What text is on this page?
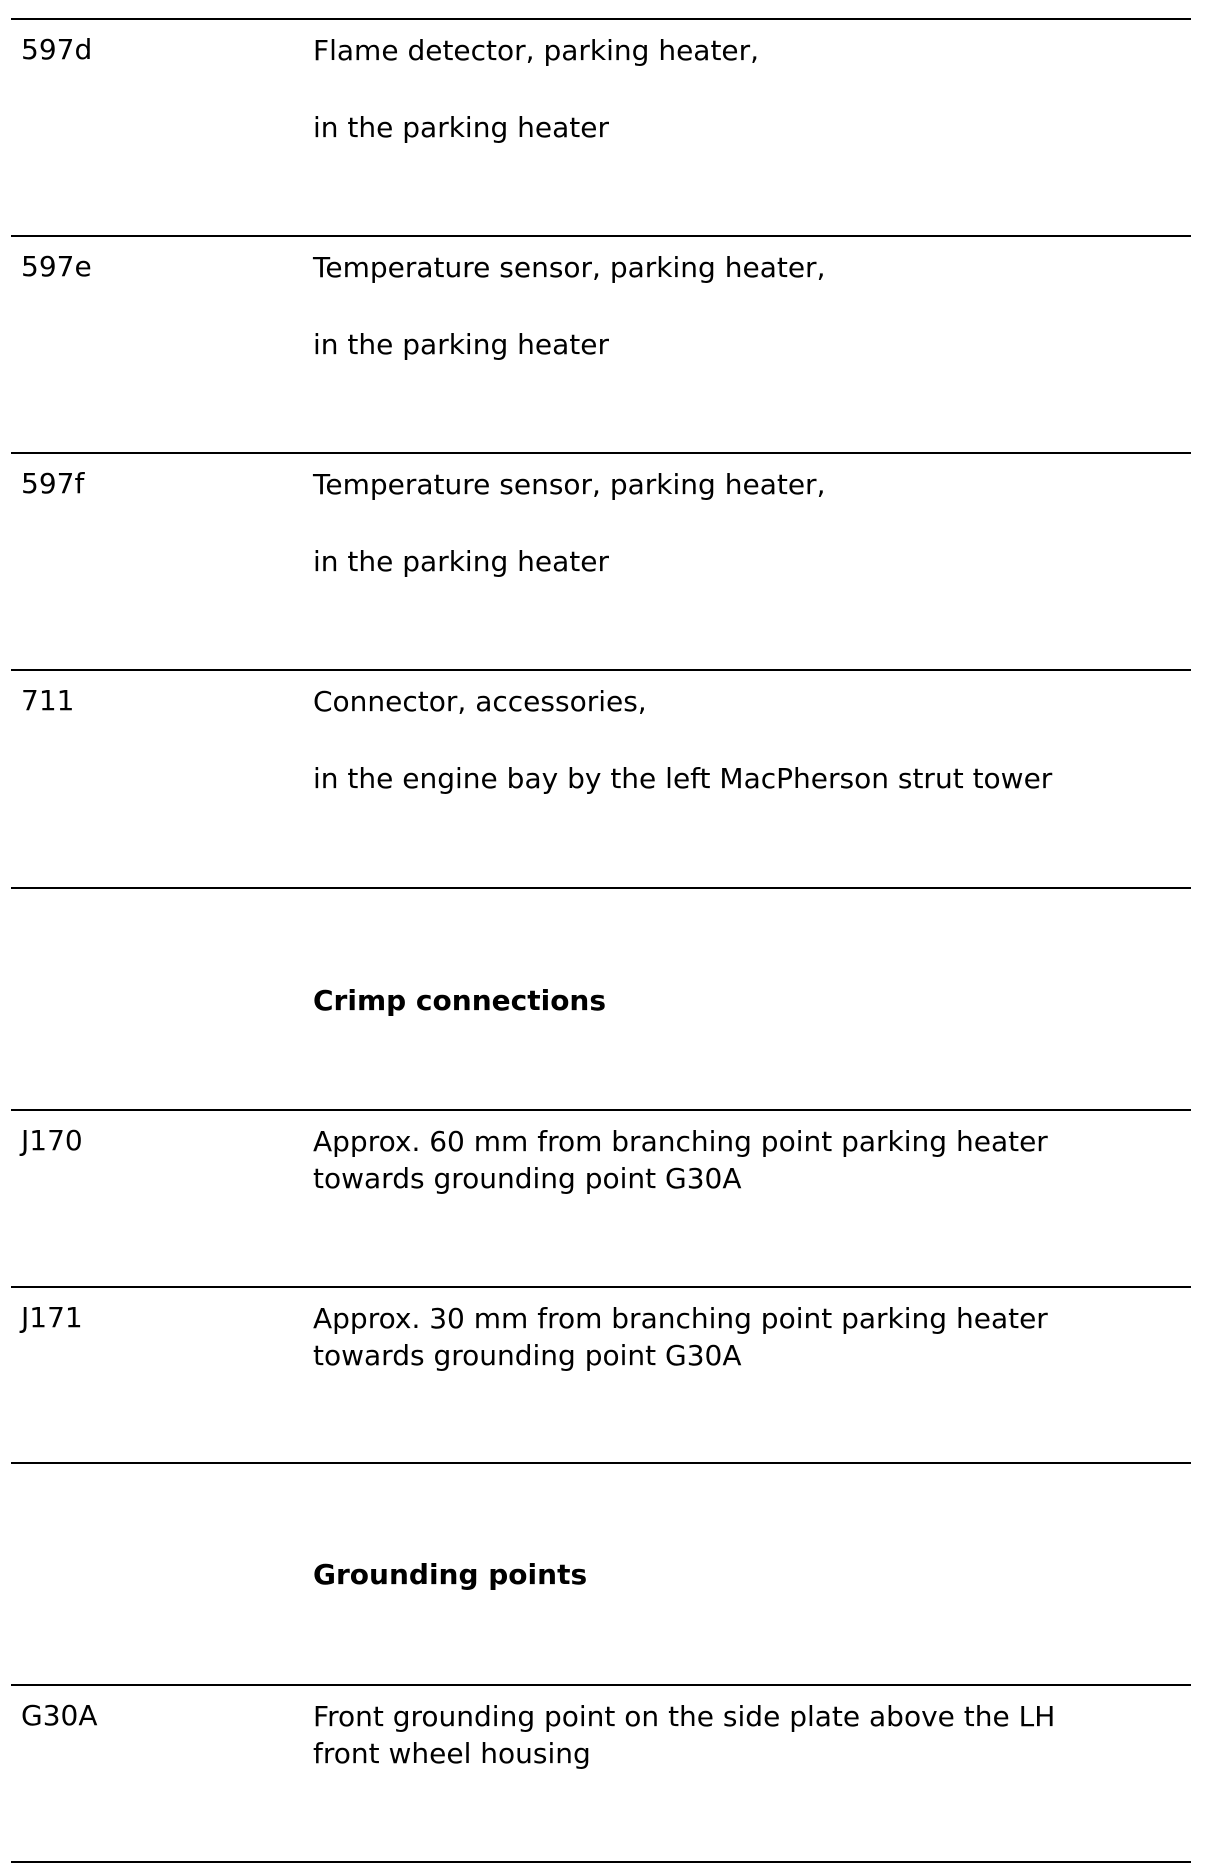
597d	Flame detector, parking heater,
in the parking heater
597e	Temperature sensor, parking heater,
in the parking heater
597f	Temperature sensor, parking heater,
in the parking heater
711	Connector, accessories,
in the engine bay by the left MacPherson strut tower
Crimp connections
J170	Approx. 60 mm from branching point parking heater
towards grounding point G30A
J171	Approx. 30 mm from branching point parking heater
towards grounding point G30A
Grounding points
G30A	Front grounding point on the side plate above the LH
front wheel housing
